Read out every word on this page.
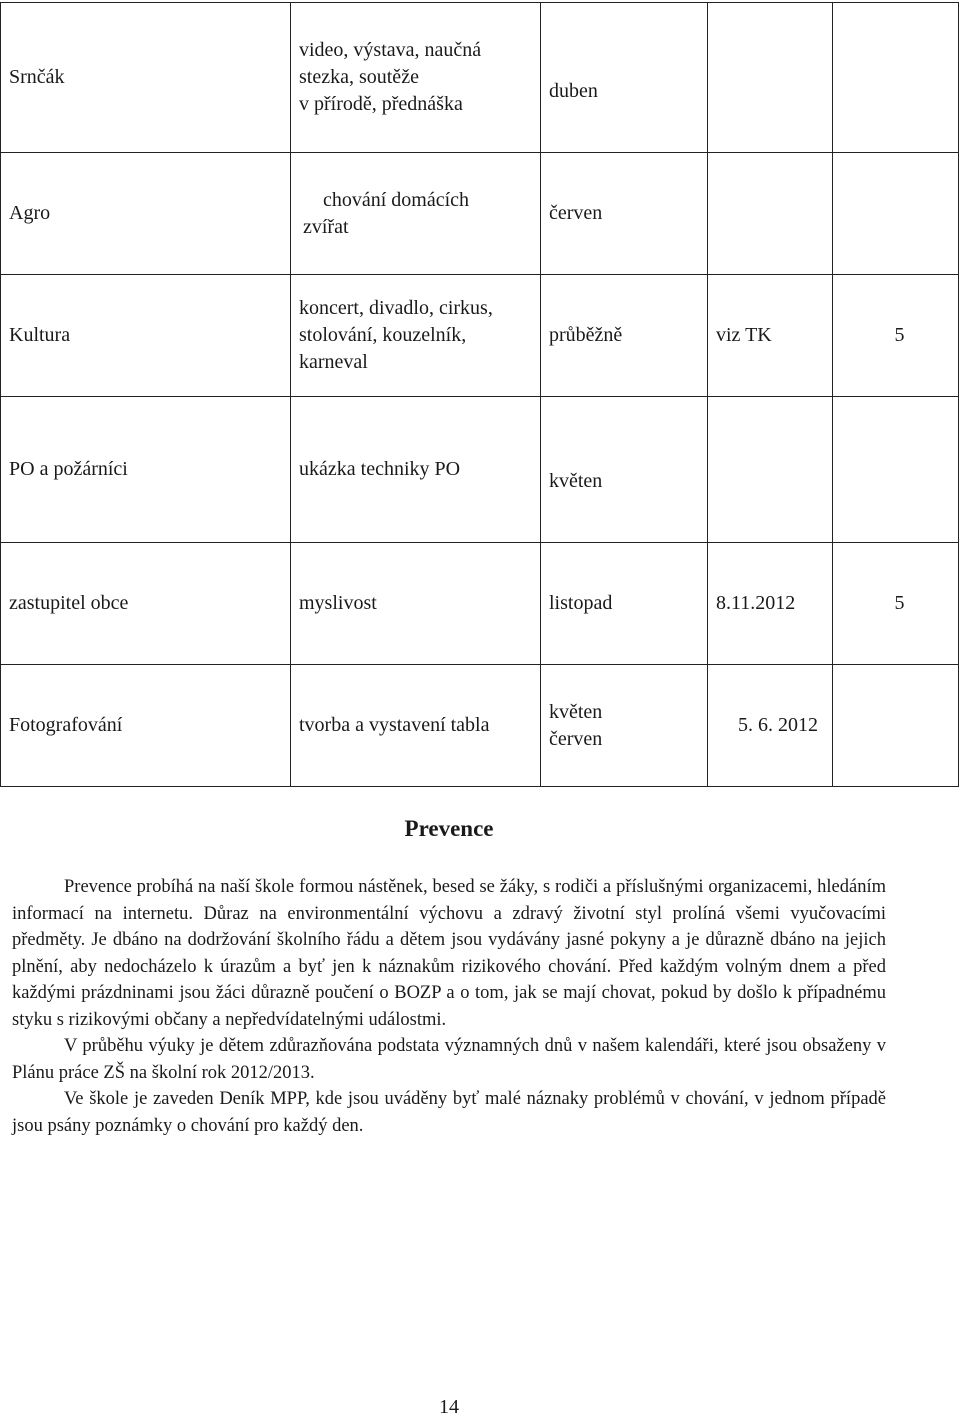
Srnčák	video, výstava, naučná
stezka, soutěže
v přírodě, přednáška	duben		

Agro	chování domácích
zvířat	červen		

Kultura	koncert, divadlo, cirkus,
stolování, kouzelník,
karneval	průběžně	viz TK	5
PO a požárníci	ukázka techniky PO	květen		

zastupitel obce	myslivost	listopad	8.11.2012	5
Fotografování	tvorba a vystavení tabla	květen
červen	5. 6. 2012	
Prevence

Prevence probíhá na naší škole formou nástěnek, besed se žáky, s rodiči a příslušnými organizacemi, hledáním informací na internetu. Důraz na environmentální výchovu a zdravý životní styl prolíná všemi vyučovacími předměty. Je dbáno na dodržování školního řádu a dětem jsou vydávány jasné pokyny a je důrazně dbáno na jejich plnění, aby nedocházelo k úrazům a byť jen k náznakům rizikového chování. Před každým volným dnem a před každými prázdninami jsou žáci důrazně poučení o BOZP a o tom, jak se mají chovat, pokud by došlo k případnému styku s rizikovými občany a nepředvídatelnými událostmi.

V průběhu výuky je dětem zdůrazňována podstata významných dnů v našem kalendáři, které jsou obsaženy v Plánu práce ZŠ na školní rok 2012/2013.

Ve škole je zaveden Deník MPP, kde jsou uváděny byť malé náznaky problémů v chování, v jednom případě jsou psány poznámky o chování pro každý den.

14
